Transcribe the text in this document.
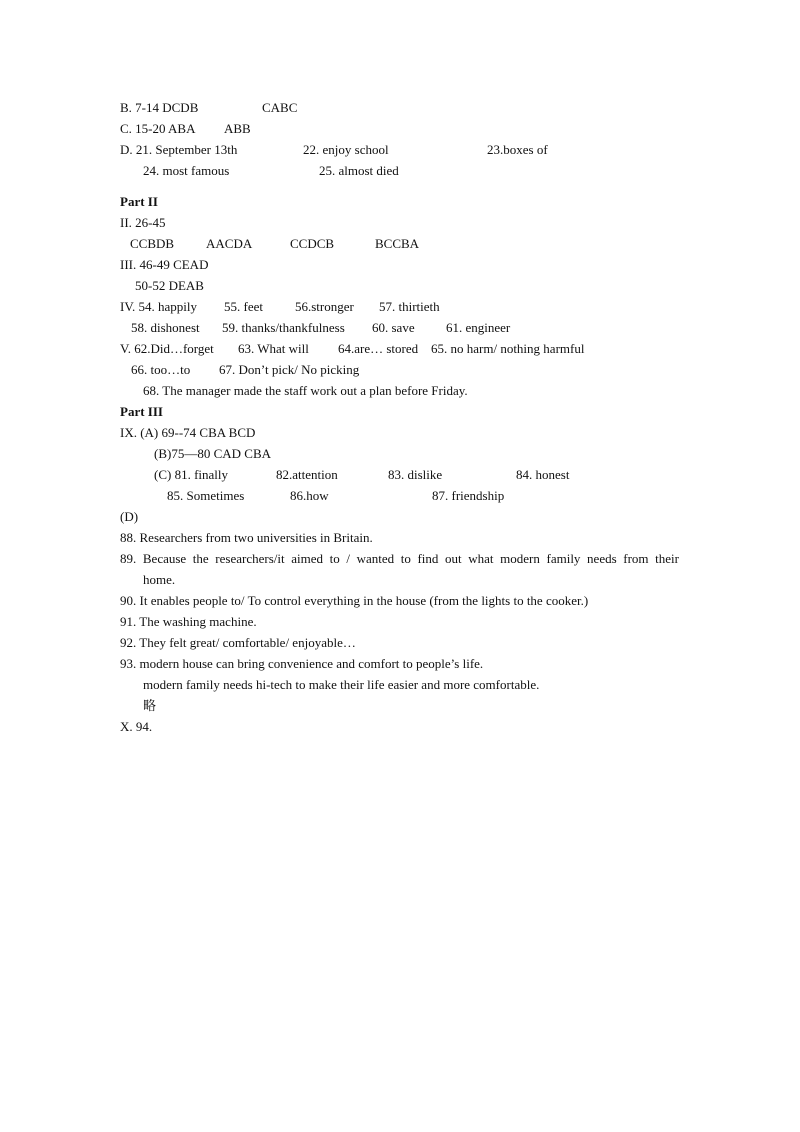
B. 7-14 DCDB	CABC
C. 15-20 ABA ABB
D. 21. September 13th	22. enjoy school	23.boxes of
24. most famous	25. almost died
Part II
II. 26-45
CCBDB AACDA	CCDCB	BCCBA
III. 46-49 CEAD
50-52 DEAB
IV. 54. happily 55. feet 56.stronger 57. thirtieth
58. dishonest 59. thanks/thankfulness 60. save 61. engineer
V. 62.Did…forget 63. What will 64.are… stored 65. no harm/ nothing harmful
66. too…to 67. Don’t pick/ No picking
68. The manager made the staff work out a plan before Friday.
Part III
IX. (A) 69--74 CBA BCD
(B)75—80 CAD CBA
(C) 81. finally	82.attention	83. dislike	84. honest
85. Sometimes	86.how	87. friendship
(D)
88. Researchers from two universities in Britain.
89. Because the researchers/it aimed to / wanted to find out what modern family needs from their
home.
90. It enables people to/ To control everything in the house (from the lights to the cooker.)
91. The washing machine.
92. They felt great/ comfortable/ enjoyable…
93. modern house can bring convenience and comfort to people’s life.
modern family needs hi-tech to make their life easier and more comfortable.
略
X. 94.
